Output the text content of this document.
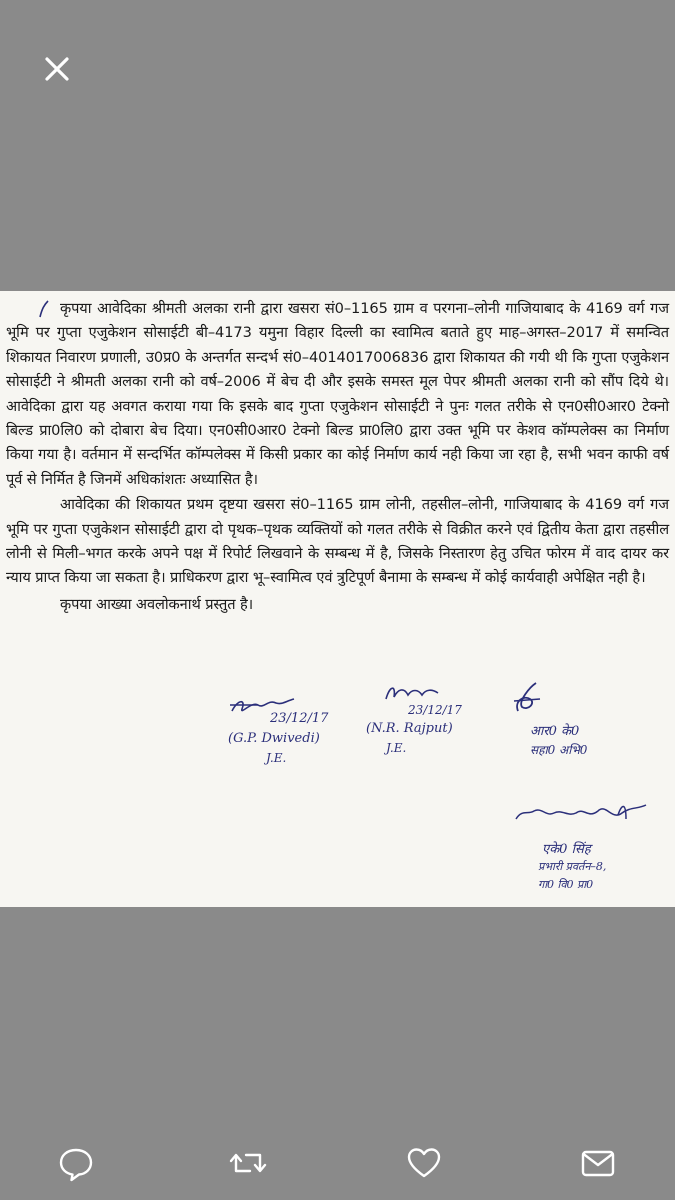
कृपया आवेदिका श्रीमती अलका रानी द्वारा खसरा सं0–1165 ग्राम व परगना–लोनी गाजियाबाद के 4169 वर्ग गज भूमि पर गुप्ता एजुकेशन सोसाईटी बी–4173 यमुना विहार दिल्ली का स्वामित्व बताते हुए माह–अगस्त–2017 में समन्वित शिकायत निवारण प्रणाली, उ0प्र0 के अन्तर्गत सन्दर्भ सं0–4014017006836 द्वारा शिकायत की गयी थी कि गुप्ता एजुकेशन सोसाईटी ने श्रीमती अलका रानी को वर्ष–2006 में बेच दी और इसके समस्त मूल पेपर श्रीमती अलका रानी को सौंप दिये थे। आवेदिका द्वारा यह अवगत कराया गया कि इसके बाद गुप्ता एजुकेशन सोसाईटी ने पुनः गलत तरीके से एन0सी0आर0 टेक्नो बिल्ड प्रा0लि0 को दोबारा बेच दिया। एन0सी0आर0 टेक्नो बिल्ड प्रा0लि0 द्वारा उक्त भूमि पर केशव कॉम्पलेक्स का निर्माण किया गया है। वर्तमान में सन्दर्भित कॉम्पलेक्स में किसी प्रकार का कोई निर्माण कार्य नही किया जा रहा है, सभी भवन काफी वर्ष पूर्व से निर्मित है जिनमें अधिकांशतः अध्यासित है।

आवेदिका की शिकायत प्रथम दृष्टया खसरा सं0–1165 ग्राम लोनी, तहसील–लोनी, गाजियाबाद के 4169 वर्ग गज भूमि पर गुप्ता एजुकेशन सोसाईटी द्वारा दो पृथक–पृथक व्यक्तियों को गलत तरीके से विक्रीत करने एवं द्वितीय केता द्वारा तहसील लोनी से मिली–भगत करके अपने पक्ष में रिपोर्ट लिखवाने के सम्बन्ध में है, जिसके निस्तारण हेतु उचित फोरम में वाद दायर कर न्याय प्राप्त किया जा सकता है। प्राधिकरण द्वारा भू–स्वामित्व एवं त्रुटिपूर्ण बैनामा के सम्बन्ध में कोई कार्यवाही अपेक्षित नही है।

कृपया आख्या अवलोकनार्थ प्रस्तुत है।

23/12/17
(G.P. Dwivedi)
J.E.
23/12/17
(N.R. Rajput)
J.E.
आर0 के0
सहा0 अभि0
एके0 सिंह
प्रभारी प्रवर्तन–8,
गा0 वि0 प्रा0
